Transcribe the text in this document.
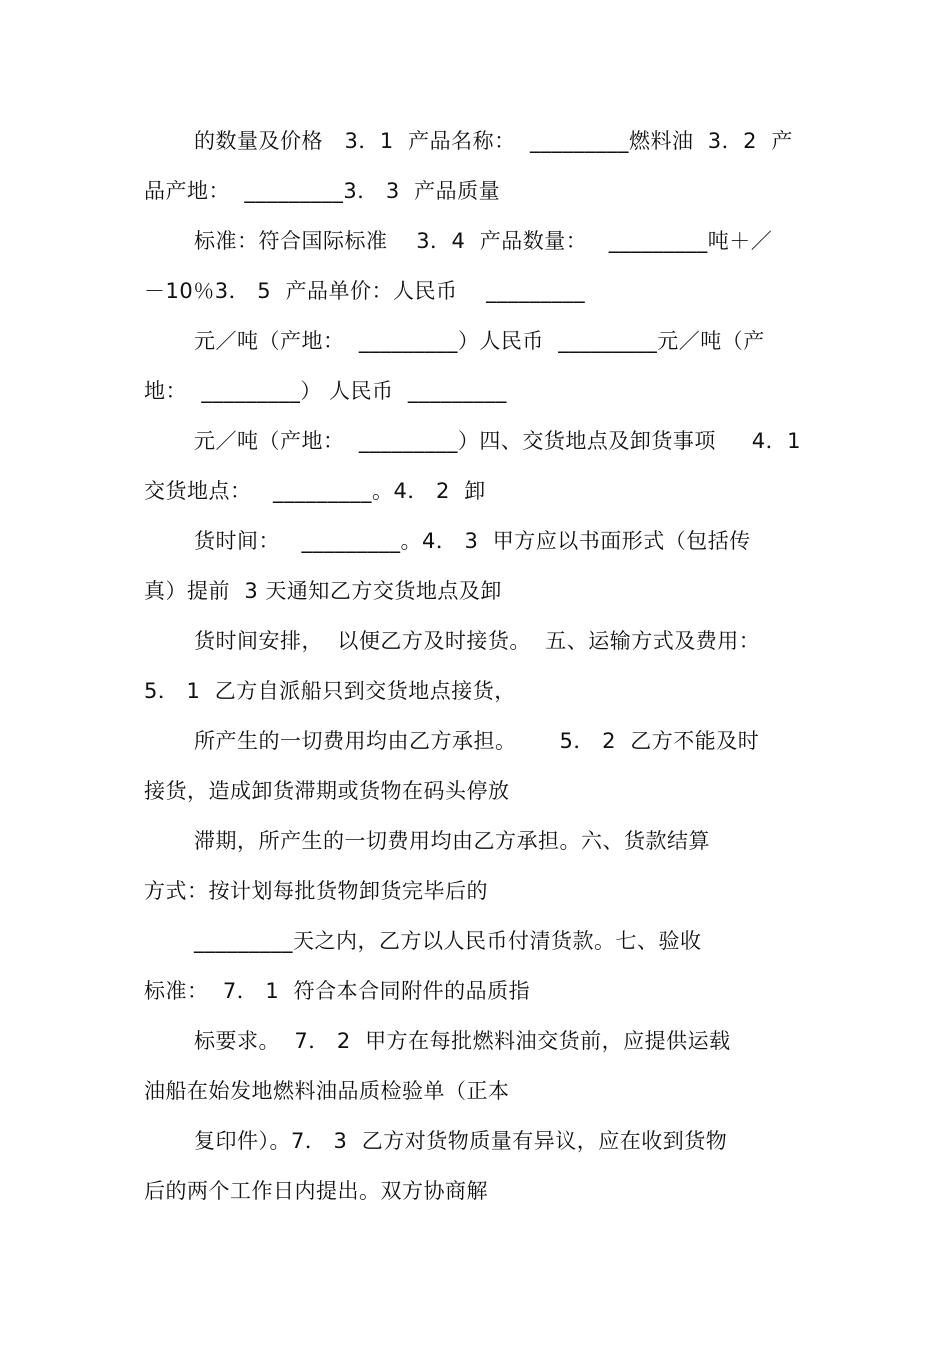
的数量及价格   3．1  产品名称：  _________燃料油  3．2  产
品产地：  _________3． 3  产品质量
标准：符合国际标准    3．4  产品数量：   _________吨＋／
－10％3． 5  产品单价：人民币    _________
元／吨（产地：  _________）人民币  _________元／吨（产
地：  _________） 人民币  _________
元／吨（产地：  _________）四、交货地点及卸货事项     4．1
交货地点：   _________。4． 2  卸
货时间：   _________。4． 3  甲方应以书面形式（包括传
真）提前  3 天通知乙方交货地点及卸
货时间安排，  以便乙方及时接货。  五、运输方式及费用：
5． 1  乙方自派船只到交货地点接货，
所产生的一切费用均由乙方承担。      5． 2  乙方不能及时
接货，造成卸货滞期或货物在码头停放
滞期，所产生的一切费用均由乙方承担。六、货款结算
方式：按计划每批货物卸货完毕后的
_________天之内，乙方以人民币付清货款。七、验收
标准：  7． 1  符合本合同附件的品质指
标要求。  7． 2  甲方在每批燃料油交货前，应提供运载
油船在始发地燃料油品质检验单（正本
复印件）。7． 3  乙方对货物质量有异议，应在收到货物
后的两个工作日内提出。双方协商解
